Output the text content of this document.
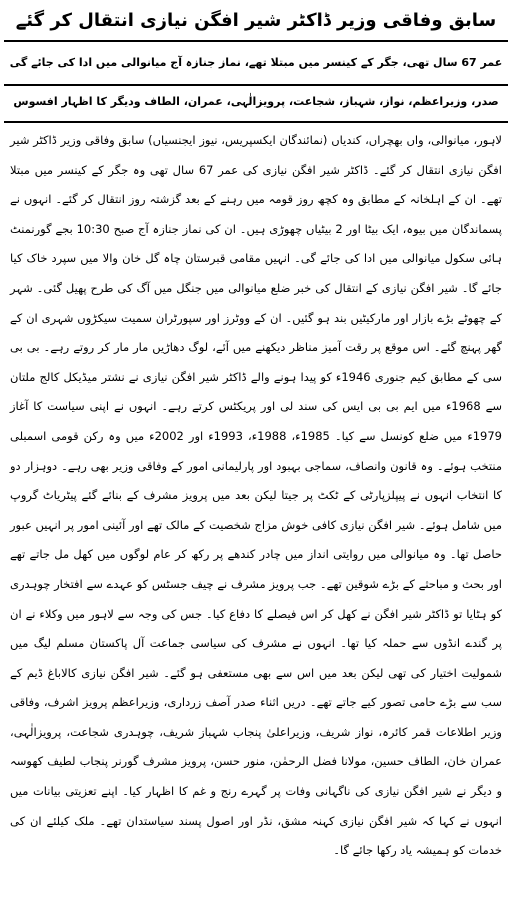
سابق وفاقی وزیر ڈاکٹر شیر افگن نیازی انتقال کر گئے
عمر 67 سال تھی، جگر کے کینسر میں مبتلا تھے، نماز جنازہ آج میانوالی میں ادا کی جائے گی
صدر، وزیراعظم، نواز، شہباز، شجاعت، پرویزالٰہی، عمران، الطاف ودیگر کا اظہار افسوس
لاہور، میانوالی، واں بھچراں، کندیاں (نمائندگان ایکسپریس، نیوز ایجنسیاں) سابق وفاقی وزیر ڈاکٹر شیر افگن نیازی انتقال کر گئے۔ ڈاکٹر شیر افگن نیازی کی عمر 67 سال تھی وہ جگر کے کینسر میں مبتلا تھے۔ ان کے اہلخانہ کے مطابق وہ کچھ روز قومہ میں رہنے کے بعد گزشتہ روز انتقال کر گئے۔ انہوں نے پسماندگان میں بیوہ، ایک بیٹا اور 2 بیٹیاں چھوڑی ہیں۔ ان کی نماز جنازہ آج صبح 10:30 بجے گورنمنٹ ہائی سکول میانوالی میں ادا کی جائے گی۔ انہیں مقامی قبرستان چاہ گل خان والا میں سپرد خاک کیا جائے گا۔ شیر افگن نیازی کے انتقال کی خبر ضلع میانوالی میں جنگل میں آگ کی طرح پھیل گئی۔ شہر کے چھوٹے بڑے بازار اور مارکیٹیں بند ہو گئیں۔ ان کے ووٹرز اور سپورٹران سمیت سیکڑوں شہری ان کے گھر پہنچ گئے۔ اس موقع پر رقت آمیز مناظر دیکھنے میں آئے، لوگ دھاڑیں مار مار کر روتے رہے۔ بی بی سی کے مطابق کیم جنوری 1946ء کو پیدا ہونے والے ڈاکٹر شیر افگن نیازی نے نشتر میڈیکل کالج ملتان سے 1968ء میں ایم بی بی ایس کی سند لی اور پریکٹس کرتے رہے۔ انہوں نے اپنی سیاست کا آغاز 1979ء میں ضلع کونسل سے کیا۔ 1985ء، 1988ء، 1993ء اور 2002ء میں وہ رکن قومی اسمبلی منتخب ہوئے۔ وہ قانون وانصاف، سماجی بہبود اور پارلیمانی امور کے وفاقی وزیر بھی رہے۔ دوہزار دو کا انتخاب انہوں نے پیپلزپارٹی کے ٹکٹ پر جیتا لیکن بعد میں پرویز مشرف کے بنائے گئے پیٹریاٹ گروپ میں شامل ہوئے۔ شیر افگن نیازی کافی خوش مزاج شخصیت کے مالک تھے اور آئینی امور پر انہیں عبور حاصل تھا۔ وہ میانوالی میں روایتی انداز میں چادر کندھے پر رکھ کر عام لوگوں میں کھل مل جاتے تھے اور بحث و مباحثے کے بڑے شوقین تھے۔ جب پرویز مشرف نے چیف جسٹس کو عہدے سے افتخار چوہدری کو ہٹایا تو ڈاکٹر شیر افگن نے کھل کر اس فیصلے کا دفاع کیا۔ جس کی وجہ سے لاہور میں وکلاء نے ان پر گندے انڈوں سے حملہ کیا تھا۔ انہوں نے مشرف کی سیاسی جماعت آل پاکستان مسلم لیگ میں شمولیت اختیار کی تھی لیکن بعد میں اس سے بھی مستعفی ہو گئے۔ شیر افگن نیازی کالاباغ ڈیم کے سب سے بڑے حامی تصور کیے جاتے تھے۔ دریں اثناء صدر آصف زرداری، وزیراعظم پرویز اشرف، وفاقی وزیر اطلاعات قمر کائرہ، نواز شریف، وزیراعلیٰ پنجاب شہباز شریف، چوہدری شجاعت، پرویزالٰہی، عمران خان، الطاف حسین، مولانا فضل الرحمٰن، منور حسن، پرویز مشرف گورنر پنجاب لطیف کھوسہ و دیگر نے شیر افگن نیازی کی ناگہانی وفات پر گہرے رنج و غم کا اظہار کیا۔ اپنے تعزیتی بیانات میں انہوں نے کہا کہ شیر افگن نیازی کہنہ مشق، نڈر اور اصول پسند سیاستدان تھے۔ ملک کیلئے ان کی خدمات کو ہمیشہ یاد رکھا جائے گا۔
